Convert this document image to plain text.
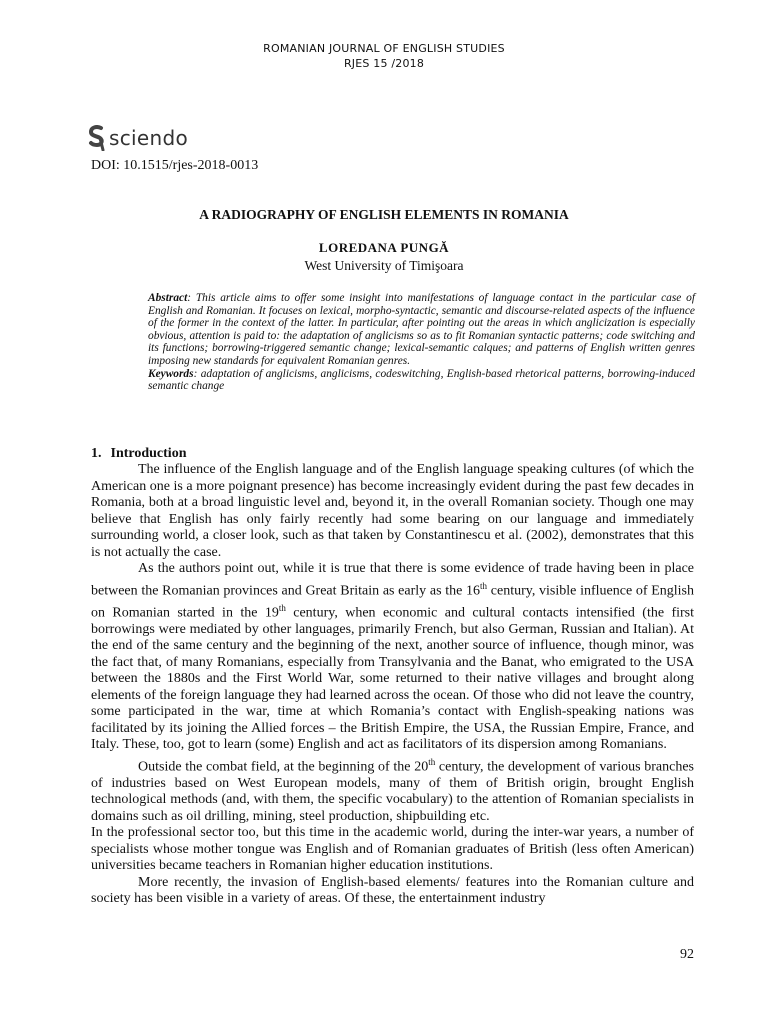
ROMANIAN JOURNAL OF ENGLISH STUDIES
RJES 15 /2018
sciendo
DOI: 10.1515/rjes-2018-0013
A RADIOGRAPHY OF ENGLISH ELEMENTS IN ROMANIA
LOREDANA PUNGĂ
West University of Timişoara

Abstract: This article aims to offer some insight into manifestations of language contact in the particular case of English and Romanian. It focuses on lexical, morpho-syntactic, semantic and discourse-related aspects of the influence of the former in the context of the latter. In particular, after pointing out the areas in which anglicization is especially obvious, attention is paid to: the adaptation of anglicisms so as to fit Romanian syntactic patterns; code switching and its functions; borrowing-triggered semantic change; lexical-semantic calques; and patterns of English written genres imposing new standards for equivalent Romanian genres.

Keywords: adaptation of anglicisms, anglicisms, codeswitching, English-based rhetorical patterns, borrowing-induced semantic change

1. Introduction

The influence of the English language and of the English language speaking cultures (of which the American one is a more poignant presence) has become increasingly evident during the past few decades in Romania, both at a broad linguistic level and, beyond it, in the overall Romanian society. Though one may believe that English has only fairly recently had some bearing on our language and immediately surrounding world, a closer look, such as that taken by Constantinescu et al. (2002), demonstrates that this is not actually the case.

As the authors point out, while it is true that there is some evidence of trade having been in place between the Romanian provinces and Great Britain as early as the 16th century, visible influence of English on Romanian started in the 19th century, when economic and cultural contacts intensified (the first borrowings were mediated by other languages, primarily French, but also German, Russian and Italian). At the end of the same century and the beginning of the next, another source of influence, though minor, was the fact that, of many Romanians, especially from Transylvania and the Banat, who emigrated to the USA between the 1880s and the First World War, some returned to their native villages and brought along elements of the foreign language they had learned across the ocean. Of those who did not leave the country, some participated in the war, time at which Romania’s contact with English-speaking nations was facilitated by its joining the Allied forces – the British Empire, the USA, the Russian Empire, France, and Italy. These, too, got to learn (some) English and act as facilitators of its dispersion among Romanians.

Outside the combat field, at the beginning of the 20th century, the development of various branches of industries based on West European models, many of them of British origin, brought English technological methods (and, with them, the specific vocabulary) to the attention of Romanian specialists in domains such as oil drilling, mining, steel production, shipbuilding etc.

In the professional sector too, but this time in the academic world, during the inter-war years, a number of specialists whose mother tongue was English and of Romanian graduates of British (less often American) universities became teachers in Romanian higher education institutions.

More recently, the invasion of English-based elements/ features into the Romanian culture and society has been visible in a variety of areas. Of these, the entertainment industry

92
